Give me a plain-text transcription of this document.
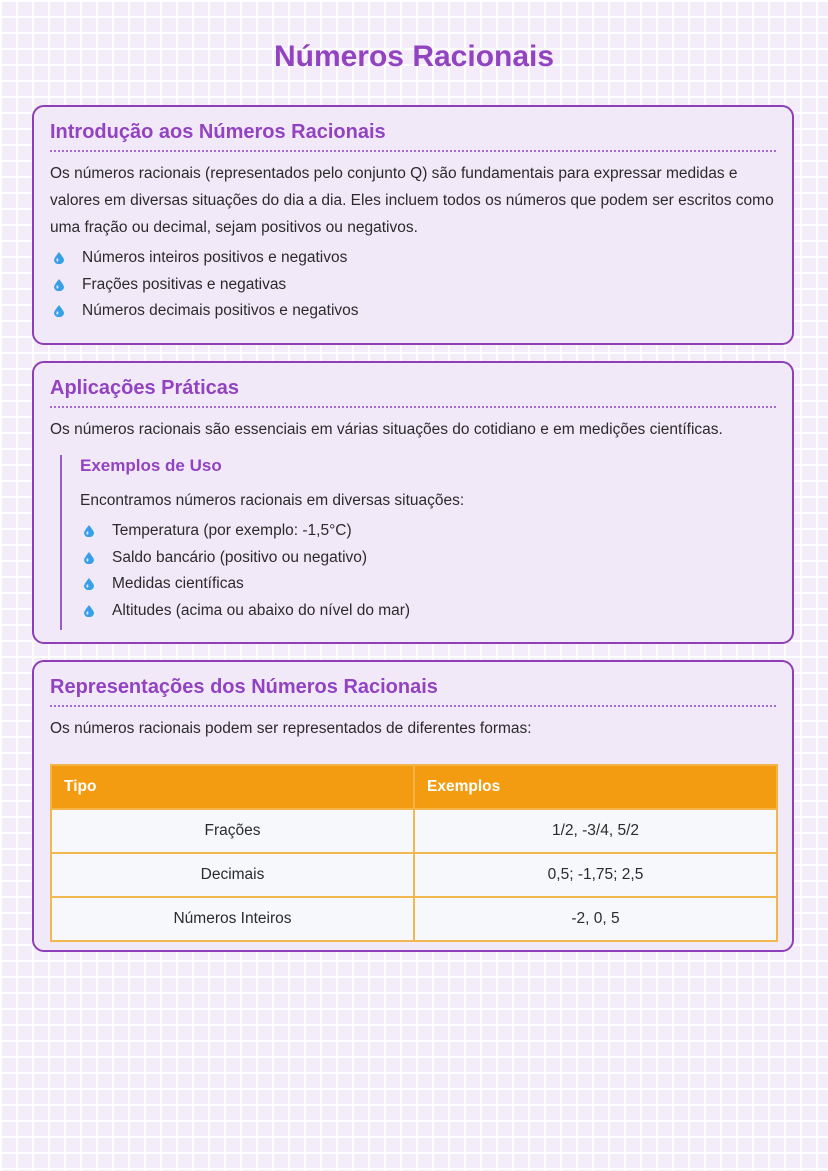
Números Racionais
Introdução aos Números Racionais

Os números racionais (representados pelo conjunto Q) são fundamentais para expressar medidas e valores em diversas situações do dia a dia. Eles incluem todos os números que podem ser escritos como uma fração ou decimal, sejam positivos ou negativos.

Números inteiros positivos e negativos
Frações positivas e negativas
Números decimais positivos e negativos
Aplicações Práticas

Os números racionais são essenciais em várias situações do cotidiano e em medições científicas.

Exemplos de Uso

Encontramos números racionais em diversas situações:

Temperatura (por exemplo: -1,5°C)
Saldo bancário (positivo ou negativo)
Medidas científicas
Altitudes (acima ou abaixo do nível do mar)
Representações dos Números Racionais

Os números racionais podem ser representados de diferentes formas:

Tipo	Exemplos
Frações	1/2, -3/4, 5/2
Decimais	0,5; -1,75; 2,5
Números Inteiros	-2, 0, 5
